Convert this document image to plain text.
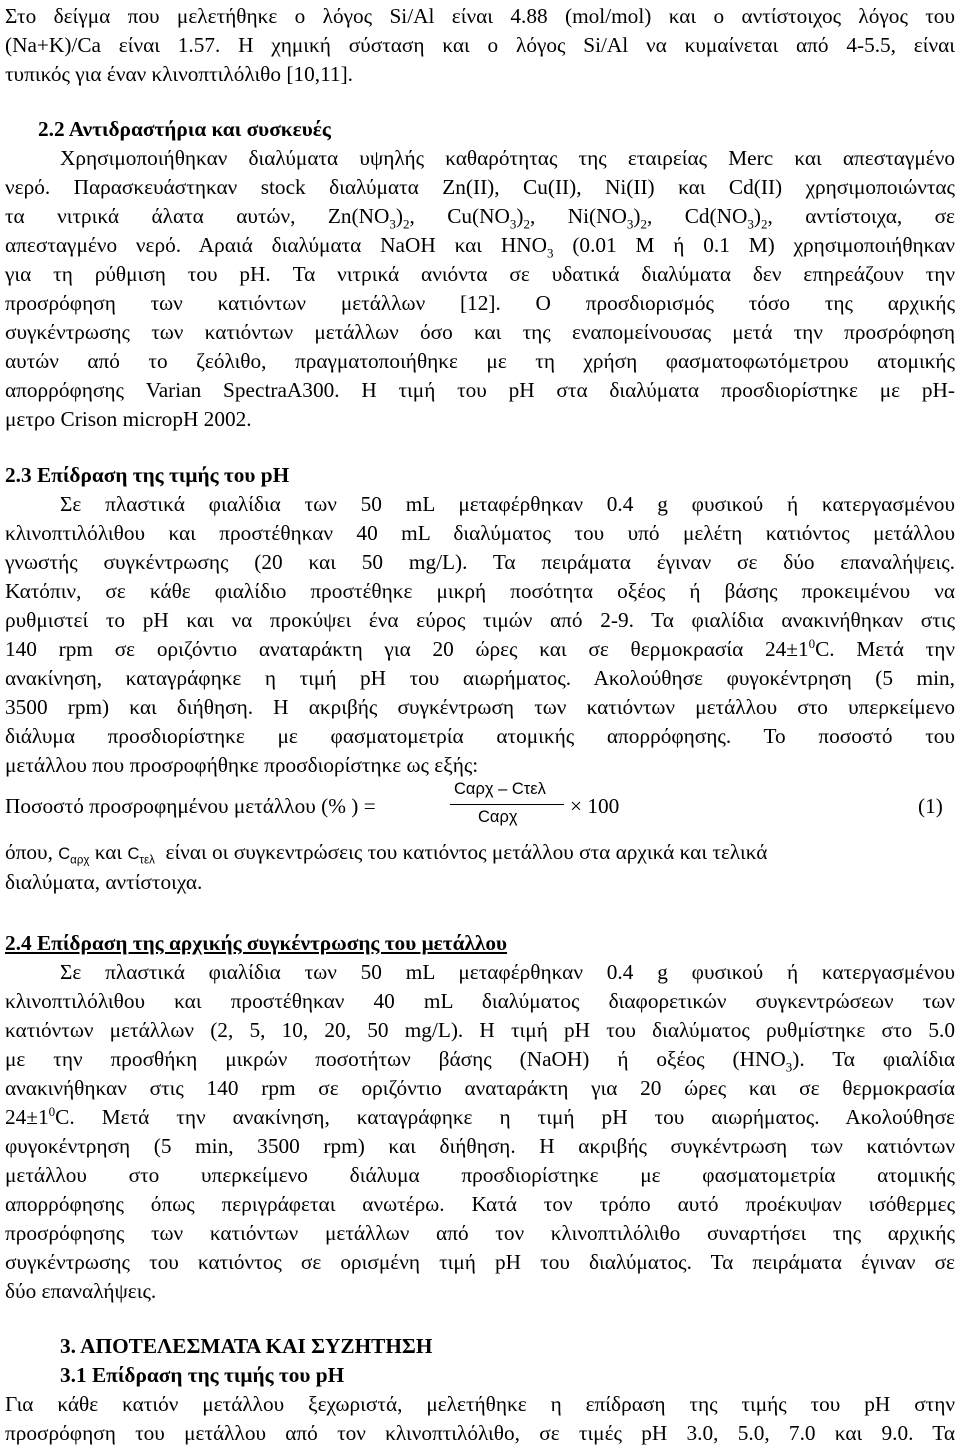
Στο δείγμα που μελετήθηκε ο λόγος Si/Al είναι 4.88 (mol/mol) και ο αντίστοιχος λόγος του
(Na+K)/Ca είναι 1.57. Η χημική σύσταση και ο λόγος Si/Al να κυμαίνεται από 4-5.5, είναι
τυπικός για έναν κλινοπτιλόλιθο [10,11].
2.2 Αντιδραστήρια και συσκευές
Χρησιμοποιήθηκαν διαλύματα υψηλής καθαρότητας της εταιρείας Merc και απεσταγμένο
νερό. Παρασκευάστηκαν stock διαλύματα Zn(II), Cu(II), Ni(II) και Cd(II) χρησιμοποιώντας
τα νιτρικά άλατα αυτών, $Zn(NO_3)_2$, $Cu(NO_3)_2$, $Ni(NO_3)_2$, $Cd(NO_3)_2$, αντίστοιχα, σε
απεσταγμένο νερό. Αραιά διαλύματα NaOH και $HNO_3$ (0.01 M ή 0.1 M) χρησιμοποιήθηκαν
για τη ρύθμιση του pH. Τα νιτρικά ανιόντα σε υδατικά διαλύματα δεν επηρεάζουν την
προσρόφηση των κατιόντων μετάλλων [12]. Ο προσδιορισμός τόσο της αρχικής
συγκέντρωσης των κατιόντων μετάλλων όσο και της εναπομείνουσας μετά την προσρόφηση
αυτών από το ζεόλιθο, πραγματοποιήθηκε με τη χρήση φασματοφωτόμετρου ατομικής
απορρόφησης Varian SpectraA300. Η τιμή του pH στα διαλύματα προσδιορίστηκε με pH-
μετρο Crison micropH 2002.
2.3 Επίδραση της τιμής του pH
Σε πλαστικά φιαλίδια των 50 mL μεταφέρθηκαν 0.4 g φυσικού ή κατεργασμένου
κλινοπτιλόλιθου και προστέθηκαν 40 mL διαλύματος του υπό μελέτη κατιόντος μετάλλου
γνωστής συγκέντρωσης (20 και 50 mg/L). Τα πειράματα έγιναν σε δύο επαναλήψεις.
Κατόπιν, σε κάθε φιαλίδιο προστέθηκε μικρή ποσότητα οξέος ή βάσης προκειμένου να
ρυθμιστεί το pH και να προκύψει ένα εύρος τιμών από 2-9. Τα φιαλίδια ανακινήθηκαν στις
140 rpm σε οριζόντιο αναταράκτη για 20 ώρες και σε θερμοκρασία $24\pm 1^0C$. Μετά την
ανακίνηση, καταγράφηκε η τιμή pH του αιωρήματος. Ακολούθησε φυγοκέντρηση (5 min,
3500 rpm) και διήθηση. Η ακριβής συγκέντρωση των κατιόντων μετάλλου στο υπερκείμενο
διάλυμα προσδιορίστηκε με φασματομετρία ατομικής απορρόφησης. Το ποσοστό του
μετάλλου που προσροφήθηκε προσδιορίστηκε ως εξής:
Ποσοστό προσροφημένου μετάλλου (% ) =
Cαρχ – Cτελ
Cαρχ × 100	(1)
όπου, $C_{\alpha\rho\chi}$ και $C_{\tau\varepsilon\lambda}$ είναι οι συγκεντρώσεις του κατιόντος μετάλλου στα αρχικά και τελικά
διαλύματα, αντίστοιχα.
2.4 Επίδραση της αρχικής συγκέντρωσης του μετάλλου
Σε πλαστικά φιαλίδια των 50 mL μεταφέρθηκαν 0.4 g φυσικού ή κατεργασμένου
κλινοπτιλόλιθου και προστέθηκαν 40 mL διαλύματος διαφορετικών συγκεντρώσεων των
κατιόντων μετάλλων (2, 5, 10, 20, 50 mg/L). Η τιμή pH του διαλύματος ρυθμίστηκε στο 5.0
με την προσθήκη μικρών ποσοτήτων βάσης (NaOH) ή οξέος $(HNO_3)$. Τα φιαλίδια
ανακινήθηκαν στις 140 rpm σε οριζόντιο αναταράκτη για 20 ώρες και σε θερμοκρασία
$24\pm 1^0C$. Μετά την ανακίνηση, καταγράφηκε η τιμή pH του αιωρήματος. Ακολούθησε
φυγοκέντρηση (5 min, 3500 rpm) και διήθηση. Η ακριβής συγκέντρωση των κατιόντων
μετάλλου στο υπερκείμενο διάλυμα προσδιορίστηκε με φασματομετρία ατομικής
απορρόφησης όπως περιγράφεται ανωτέρω. Κατά τον τρόπο αυτό προέκυψαν ισόθερμες
προσρόφησης των κατιόντων μετάλλων από τον κλινοπτιλόλιθο συναρτήσει της αρχικής
συγκέντρωσης του κατιόντος σε ορισμένη τιμή pH του διαλύματος. Τα πειράματα έγιναν σε
δύο επαναλήψεις.
3. ΑΠΟΤΕΛΕΣΜΑΤΑ ΚΑΙ ΣΥΖΗΤΗΣΗ
3.1 Επίδραση της τιμής του pH
Για κάθε κατιόν μετάλλου ξεχωριστά, μελετήθηκε η επίδραση της τιμής του pH στην
προσρόφηση του μετάλλου από τον κλινοπτιλόλιθο, σε τιμές pH 3.0, 5.0, 7.0 και 9.0. Τα
